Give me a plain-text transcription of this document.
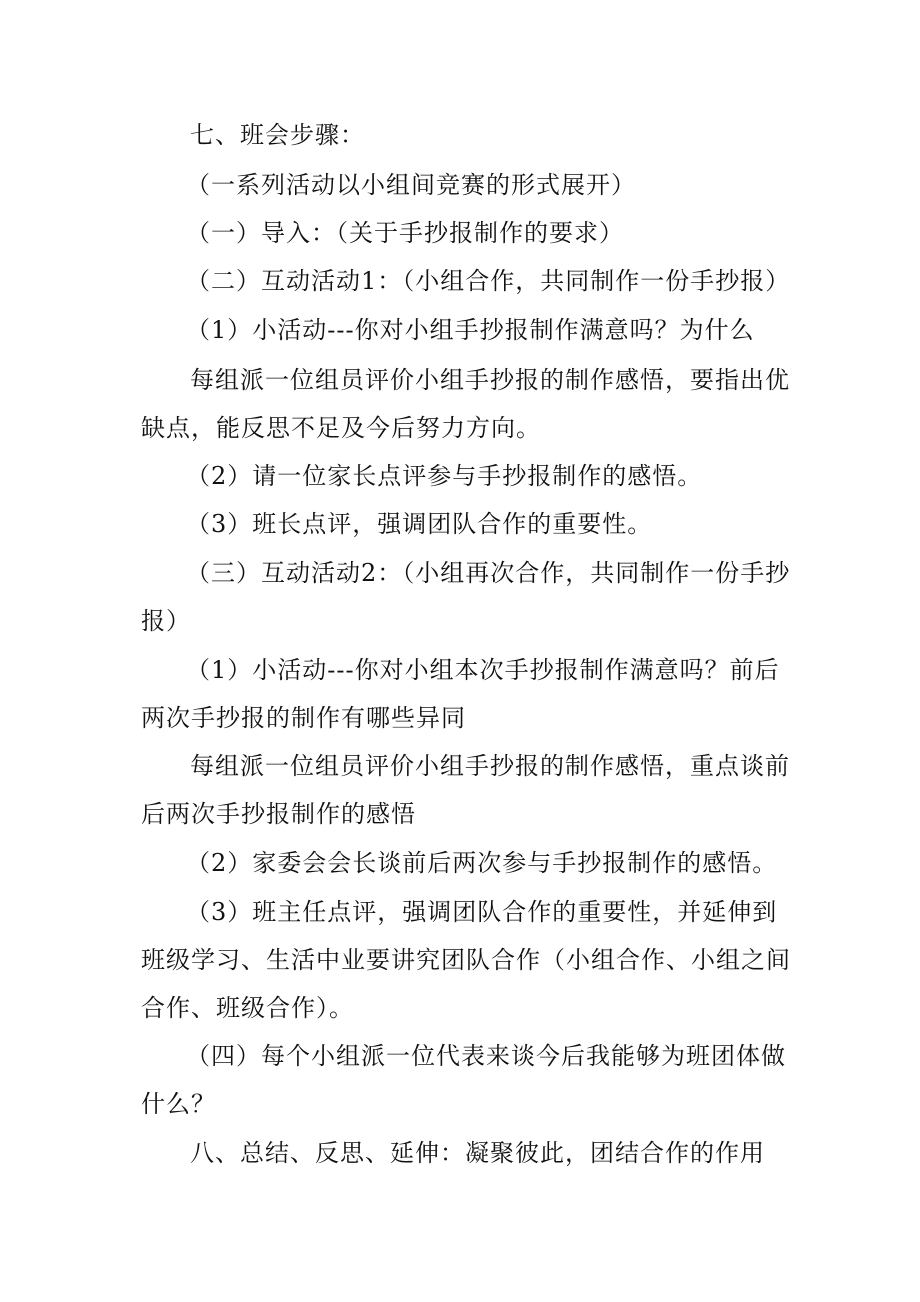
七、班会步骤：
（一系列活动以小组间竞赛的形式展开）
（一）导入：（关于手抄报制作的要求）
（二）互动活动1：（小组合作，共同制作一份手抄报）
（1）小活动---你对小组手抄报制作满意吗？为什么
每组派一位组员评价小组手抄报的制作感悟，要指出优
缺点，能反思不足及今后努力方向。
（2）请一位家长点评参与手抄报制作的感悟。
（3）班长点评，强调团队合作的重要性。
（三）互动活动2：（小组再次合作，共同制作一份手抄
报）
（1）小活动---你对小组本次手抄报制作满意吗？前后
两次手抄报的制作有哪些异同
每组派一位组员评价小组手抄报的制作感悟，重点谈前
后两次手抄报制作的感悟
（2）家委会会长谈前后两次参与手抄报制作的感悟。
（3）班主任点评，强调团队合作的重要性，并延伸到
班级学习、生活中业要讲究团队合作（小组合作、小组之间
合作、班级合作）。
（四）每个小组派一位代表来谈今后我能够为班团体做
什么？
八、总结、反思、延伸：凝聚彼此，团结合作的作用
